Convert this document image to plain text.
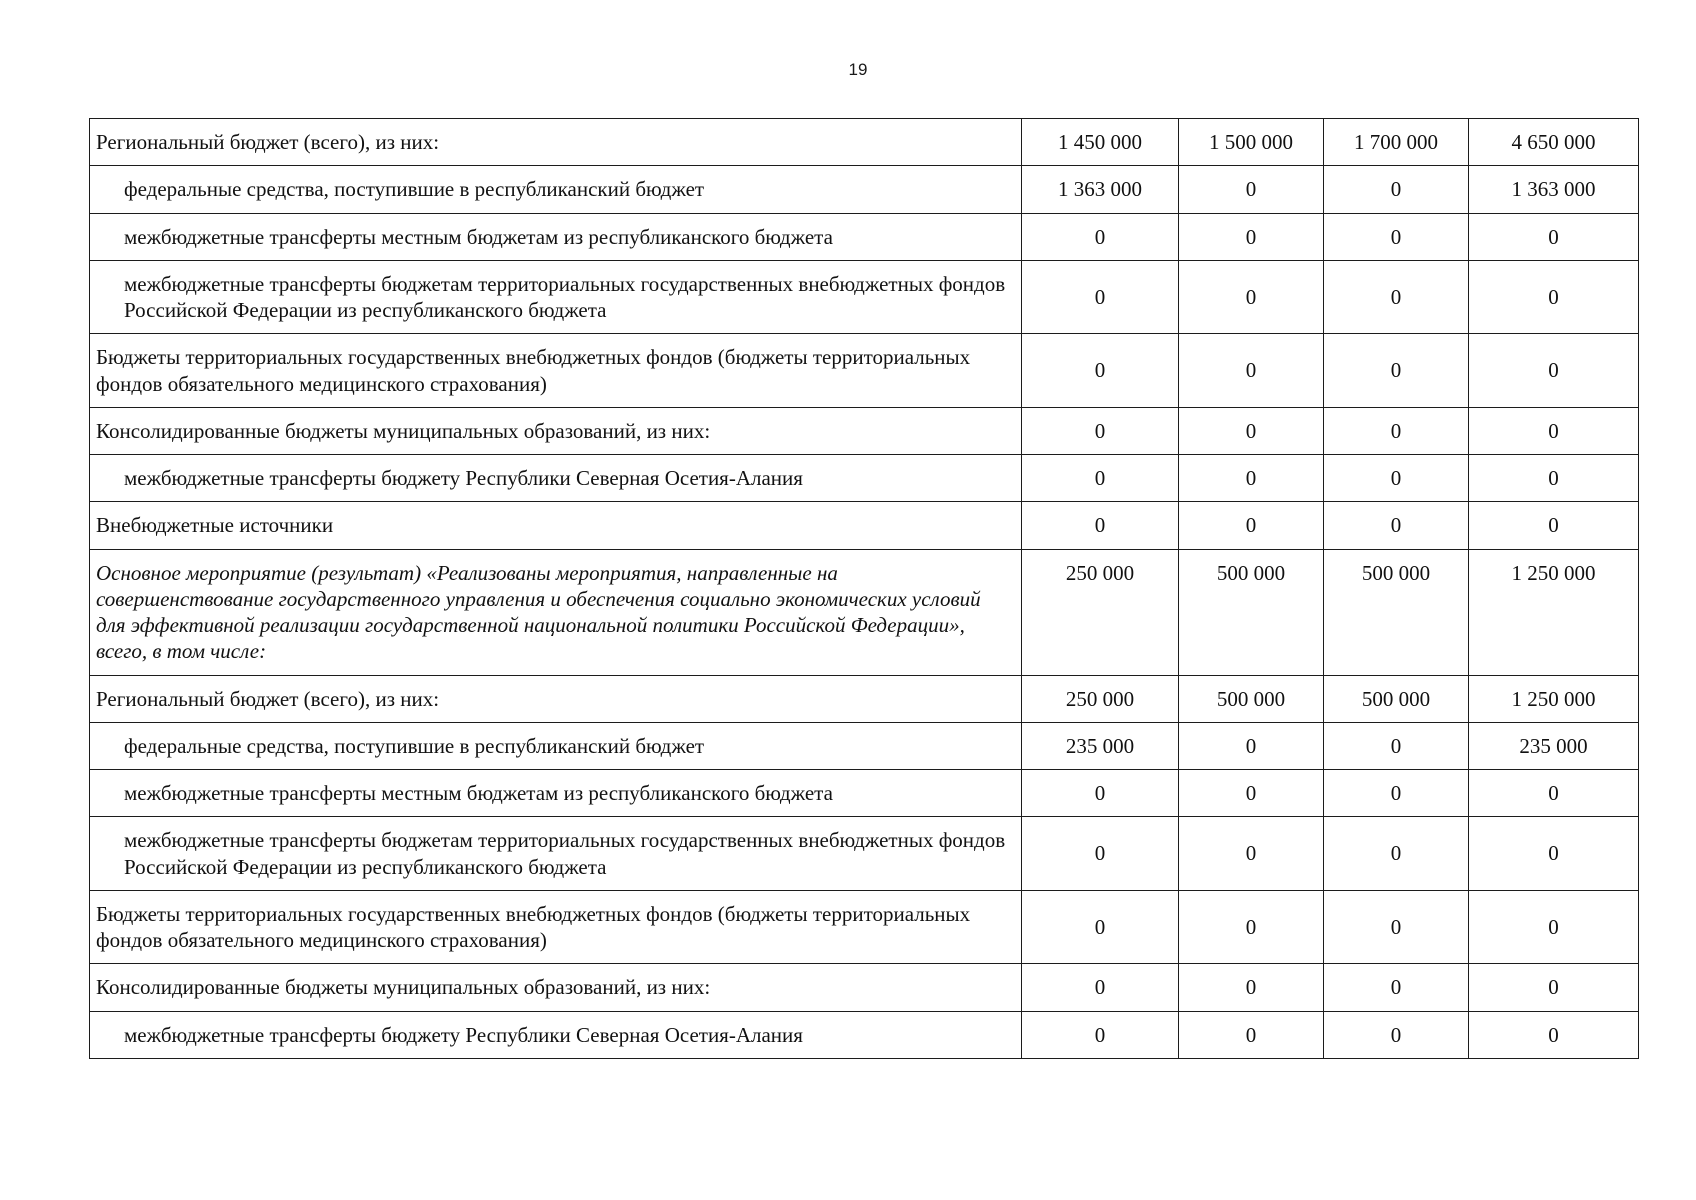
19
Региональный бюджет (всего), из них:	1 450 000	1 500 000	1 700 000	4 650 000
федеральные средства, поступившие в республиканский бюджет	1 363 000	0	0	1 363 000
межбюджетные трансферты местным бюджетам из республиканского бюджета	0	0	0	0
межбюджетные трансферты бюджетам территориальных государственных внебюджетных фондов Российской Федерации из республиканского бюджета	0	0	0	0
Бюджеты территориальных государственных внебюджетных фондов (бюджеты территориальных фондов обязательного медицинского страхования)	0	0	0	0
Консолидированные бюджеты муниципальных образований, из них:	0	0	0	0
межбюджетные трансферты бюджету Республики Северная Осетия-Алания	0	0	0	0
Внебюджетные источники	0	0	0	0
Основное мероприятие (результат) «Реализованы мероприятия, направленные на совершенствование государственного управления и обеспечения социально экономических условий для эффективной реализации государственной национальной политики Российской Федерации», всего, в том числе:	250 000	500 000	500 000	1 250 000
Региональный бюджет (всего), из них:	250 000	500 000	500 000	1 250 000
федеральные средства, поступившие в республиканский бюджет	235 000	0	0	235 000
межбюджетные трансферты местным бюджетам из республиканского бюджета	0	0	0	0
межбюджетные трансферты бюджетам территориальных государственных внебюджетных фондов Российской Федерации из республиканского бюджета	0	0	0	0
Бюджеты территориальных государственных внебюджетных фондов (бюджеты территориальных фондов обязательного медицинского страхования)	0	0	0	0
Консолидированные бюджеты муниципальных образований, из них:	0	0	0	0
межбюджетные трансферты бюджету Республики Северная Осетия-Алания	0	0	0	0
